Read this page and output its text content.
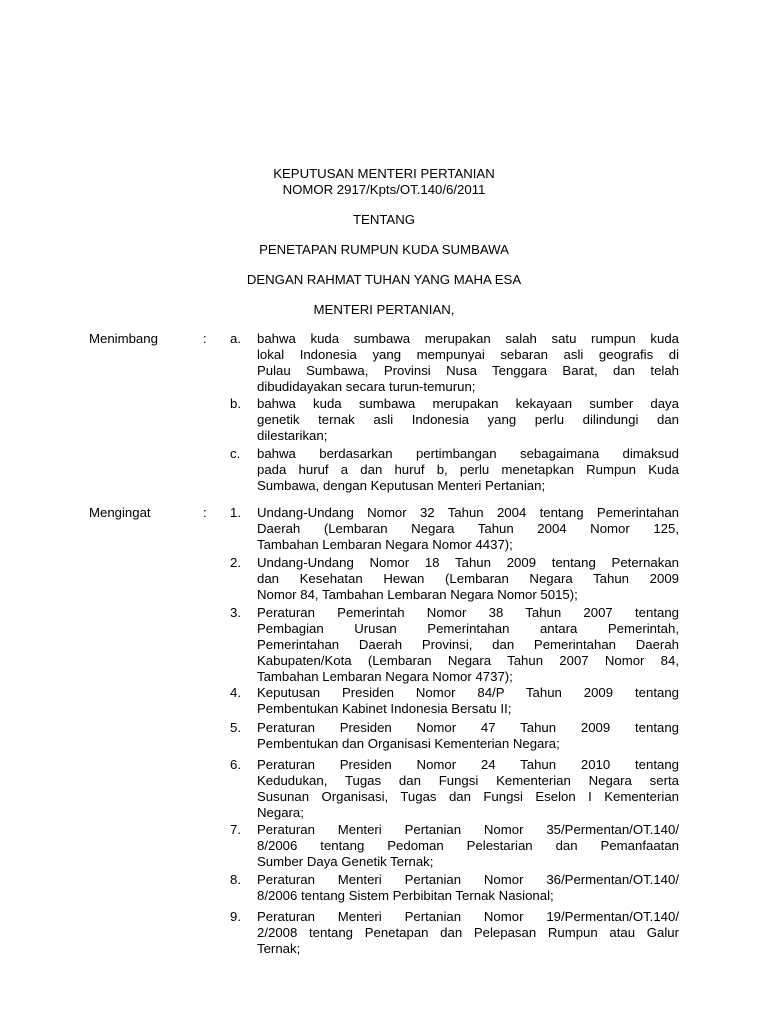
KEPUTUSAN MENTERI PERTANIAN
NOMOR 2917/Kpts/OT.140/6/2011
TENTANG
PENETAPAN RUMPUN KUDA SUMBAWA
DENGAN RAHMAT TUHAN YANG MAHA ESA
MENTERI PERTANIAN,
Menimbang	: a. bahwa kuda sumbawa merupakan salah satu rumpun kuda
lokal Indonesia yang mempunyai sebaran asli geografis di
Pulau Sumbawa, Provinsi Nusa Tenggara Barat, dan telah
dibudidayakan secara turun-temurun;
b. bahwa kuda sumbawa merupakan kekayaan sumber daya
genetik ternak asli Indonesia yang perlu dilindungi dan
dilestarikan;
c. bahwa berdasarkan pertimbangan sebagaimana dimaksud
pada huruf a dan huruf b, perlu menetapkan Rumpun Kuda
Sumbawa, dengan Keputusan Menteri Pertanian;
Mengingat	: 1. Undang-Undang Nomor 32 Tahun 2004 tentang Pemerintahan
Daerah (Lembaran Negara Tahun 2004 Nomor 125,
Tambahan Lembaran Negara Nomor 4437);
2. Undang-Undang Nomor 18 Tahun 2009 tentang Peternakan
dan Kesehatan Hewan (Lembaran Negara Tahun 2009
Nomor 84, Tambahan Lembaran Negara Nomor 5015);
3. Peraturan Pemerintah Nomor 38 Tahun 2007 tentang
Pembagian Urusan Pemerintahan antara Pemerintah,
Pemerintahan Daerah Provinsi, dan Pemerintahan Daerah
Kabupaten/Kota (Lembaran Negara Tahun 2007 Nomor 84,
Tambahan Lembaran Negara Nomor 4737);
4. Keputusan Presiden Nomor 84/P Tahun 2009 tentang
Pembentukan Kabinet Indonesia Bersatu II;
5. Peraturan Presiden Nomor 47 Tahun 2009 tentang
Pembentukan dan Organisasi Kementerian Negara;
6. Peraturan Presiden Nomor 24 Tahun 2010 tentang
Kedudukan, Tugas dan Fungsi Kementerian Negara serta
Susunan Organisasi, Tugas dan Fungsi Eselon I Kementerian
Negara;
7. Peraturan Menteri Pertanian Nomor 35/Permentan/OT.140/
8/2006 tentang Pedoman Pelestarian dan Pemanfaatan
Sumber Daya Genetik Ternak;
8. Peraturan Menteri Pertanian Nomor 36/Permentan/OT.140/
8/2006 tentang Sistem Perbibitan Ternak Nasional;
9. Peraturan Menteri Pertanian Nomor 19/Permentan/OT.140/
2/2008 tentang Penetapan dan Pelepasan Rumpun atau Galur
Ternak;
